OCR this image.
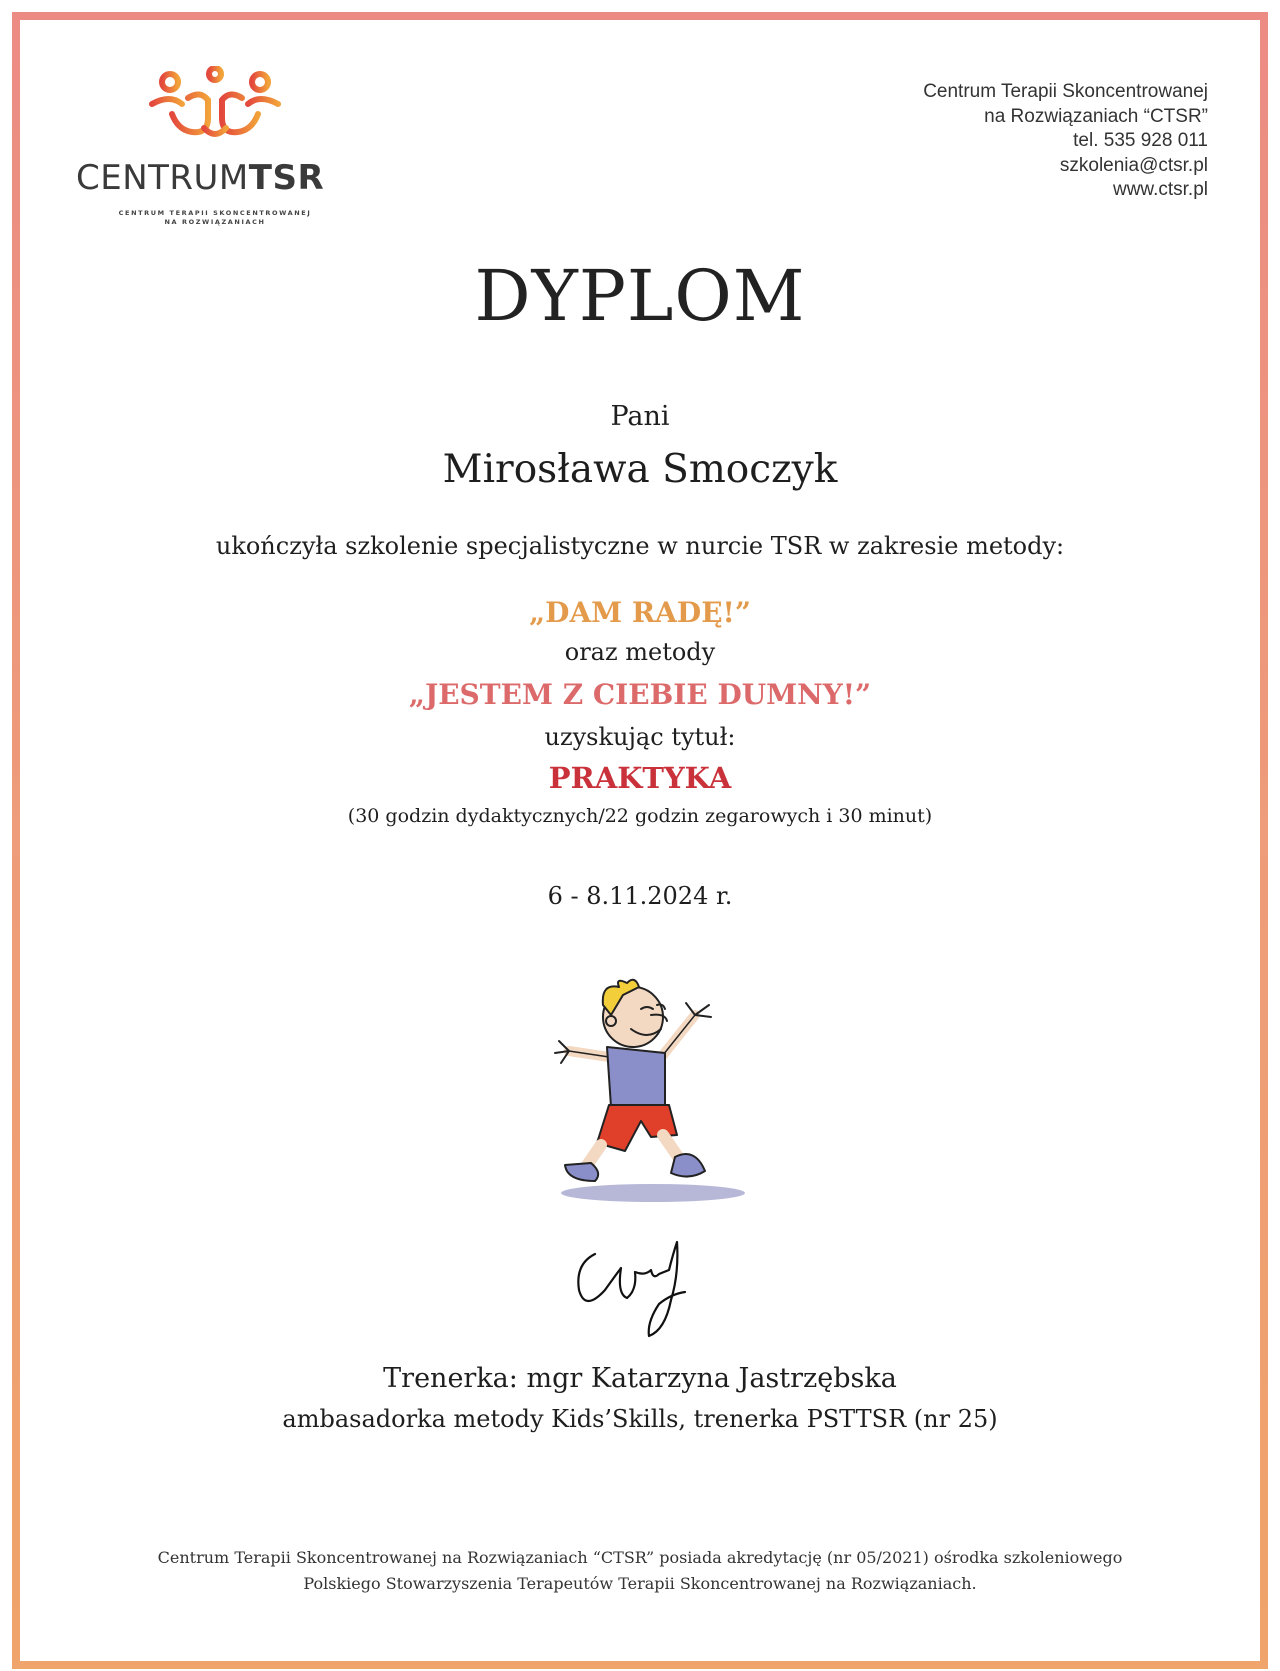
CENTRUMTSR
CENTRUM TERAPII SKONCENTROWANEJ
NA ROZWIĄZANIACH
Centrum Terapii Skoncentrowanej
na Rozwiązaniach “CTSR”
tel. 535 928 011
szkolenia@ctsr.pl
www.ctsr.pl
DYPLOM
Pani
Mirosława Smoczyk
ukończyła szkolenie specjalistyczne w nurcie TSR w zakresie metody:
„DAM RADĘ!”
oraz metody
„JESTEM Z CIEBIE DUMNY!”
uzyskując tytuł:
PRAKTYKA
(30 godzin dydaktycznych/22 godzin zegarowych i 30 minut)
6 - 8.11.2024 r.
Trenerka: mgr Katarzyna Jastrzębska
ambasadorka metody Kids’Skills, trenerka PSTTSR (nr 25)
Centrum Terapii Skoncentrowanej na Rozwiązaniach “CTSR” posiada akredytację (nr 05/2021) ośrodka szkoleniowego
Polskiego Stowarzyszenia Terapeutów Terapii Skoncentrowanej na Rozwiązaniach.
